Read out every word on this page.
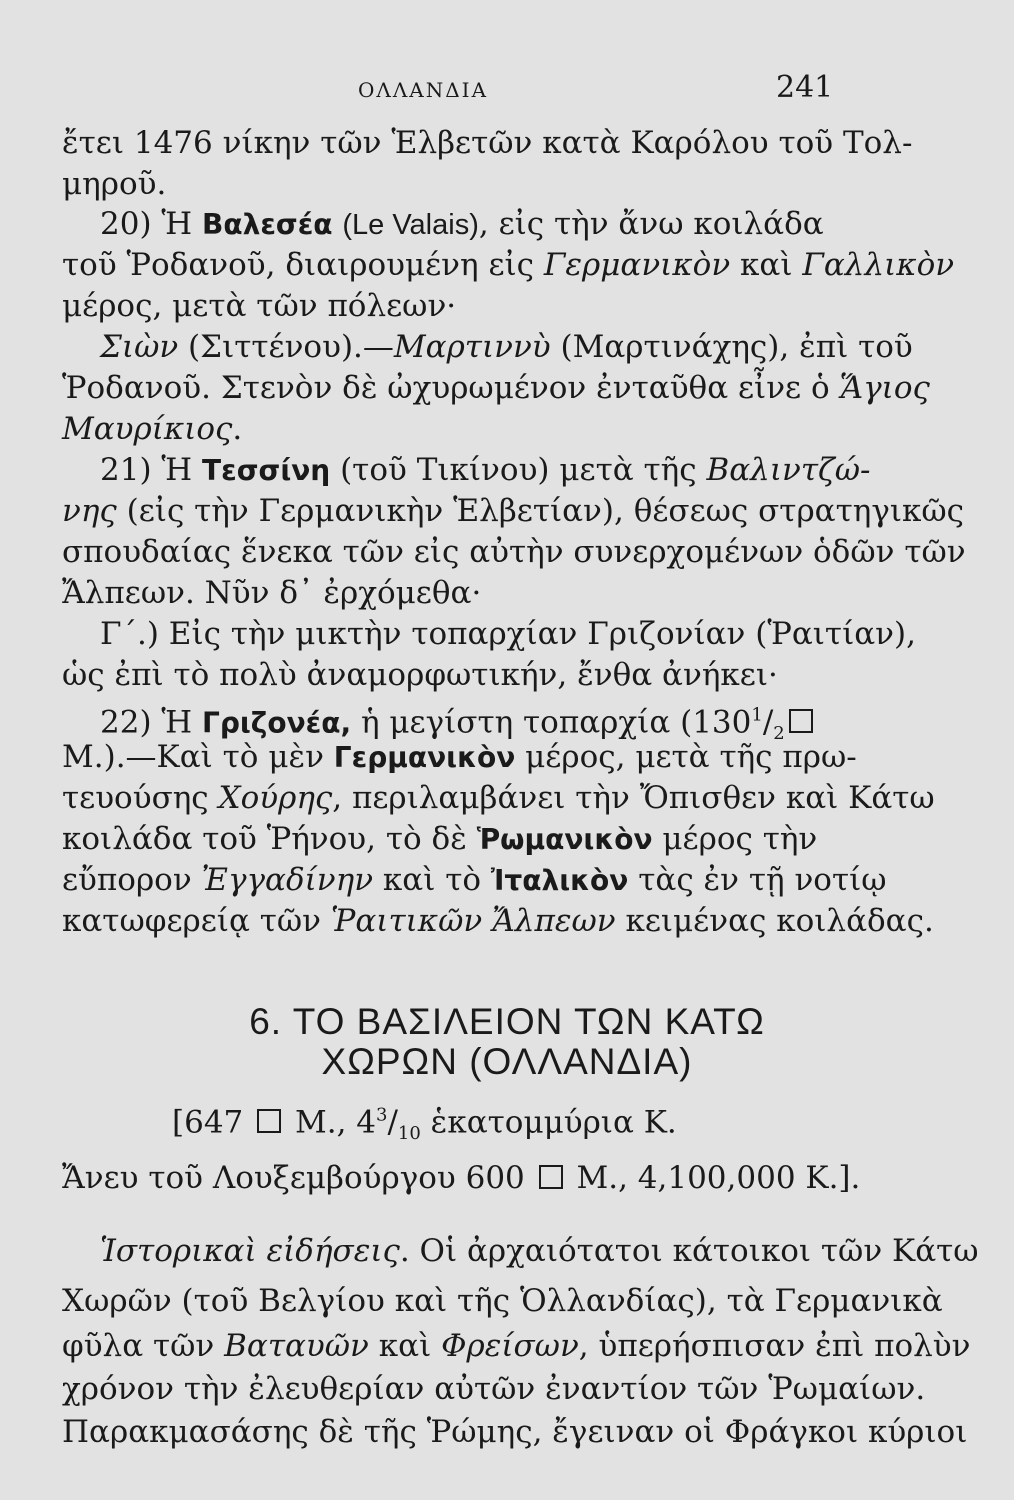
ΟΛΛΑΝΔΙΑ	241
ἔτει 1476 νίκην τῶν Ἑλβετῶν κατὰ Καρόλου τοῦ Τολ-
μηροῦ.
20) Ἡ Βαλεσέα (Le Valais), εἰς τὴν ἄνω κοιλάδα
τοῦ Ῥοδανοῦ, διαιρουμένη εἰς Γερμανικὸν καὶ Γαλλικὸν
μέρος, μετὰ τῶν πόλεων·
Σιὼν (Σιττένου).—Μαρτιννὺ (Μαρτινάχης), ἐπὶ τοῦ
Ῥοδανοῦ. Στενὸν δὲ ὠχυρωμένον ἐνταῦθα εἶνε ὁ Ἅγιος
Μαυρίκιος.
21) Ἡ Τεσσίνη (τοῦ Τικίνου) μετὰ τῆς Βαλιντζώ-
νης (εἰς τὴν Γερμανικὴν Ἑλβετίαν), θέσεως στρατηγικῶς
σπουδαίας ἕνεκα τῶν εἰς αὐτὴν συνερχομένων ὁδῶν τῶν
Ἄλπεων. Νῦν δ᾽ ἐρχόμεθα·
Γ΄.) Εἰς τὴν μικτὴν τοπαρχίαν Γριζονίαν (Ῥαιτίαν),
ὡς ἐπὶ τὸ πολὺ ἀναμορφωτικήν, ἔνθα ἀνήκει·
22) Ἡ Γριζονέα, ἡ μεγίστη τοπαρχία ($130^1/_2$
Μ.).—Καὶ τὸ μὲν Γερμανικὸν μέρος, μετὰ τῆς πρω-
τευούσης Χούρης, περιλαμβάνει τὴν Ὄπισθεν καὶ Κάτω
κοιλάδα τοῦ Ῥήνου, τὸ δὲ Ῥωμανικὸν μέρος τὴν
εὔπορον Ἐγγαδίνην καὶ τὸ Ἰταλικὸν τὰς ἐν τῇ νοτίῳ
κατωφερείᾳ τῶν Ῥαιτικῶν Ἄλπεων κειμένας κοιλάδας.
6. ΤΟ ΒΑΣΙΛΕΙΟΝ ΤΩΝ ΚΑΤΩ
ΧΩΡΩΝ (ΟΛΛΑΝΔΙΑ)
[647 Μ., $4^3/_{10}$ ἑκατομμύρια Κ.
Ἄνευ τοῦ Λουξεμβούργου 600 Μ., 4,100,000 Κ.].
Ἱστορικαὶ εἰδήσεις. Οἱ ἀρχαιότατοι κάτοικοι τῶν Κάτω
Χωρῶν (τοῦ Βελγίου καὶ τῆς Ὁλλανδίας), τὰ Γερμανικὰ
φῦλα τῶν Βαταυῶν καὶ Φρείσων, ὑπερήσπισαν ἐπὶ πολὺν
χρόνον τὴν ἐλευθερίαν αὐτῶν ἐναντίον τῶν Ῥωμαίων.
Παρακμασάσης δὲ τῆς Ῥώμης, ἔγειναν οἱ Φράγκοι κύριοι
